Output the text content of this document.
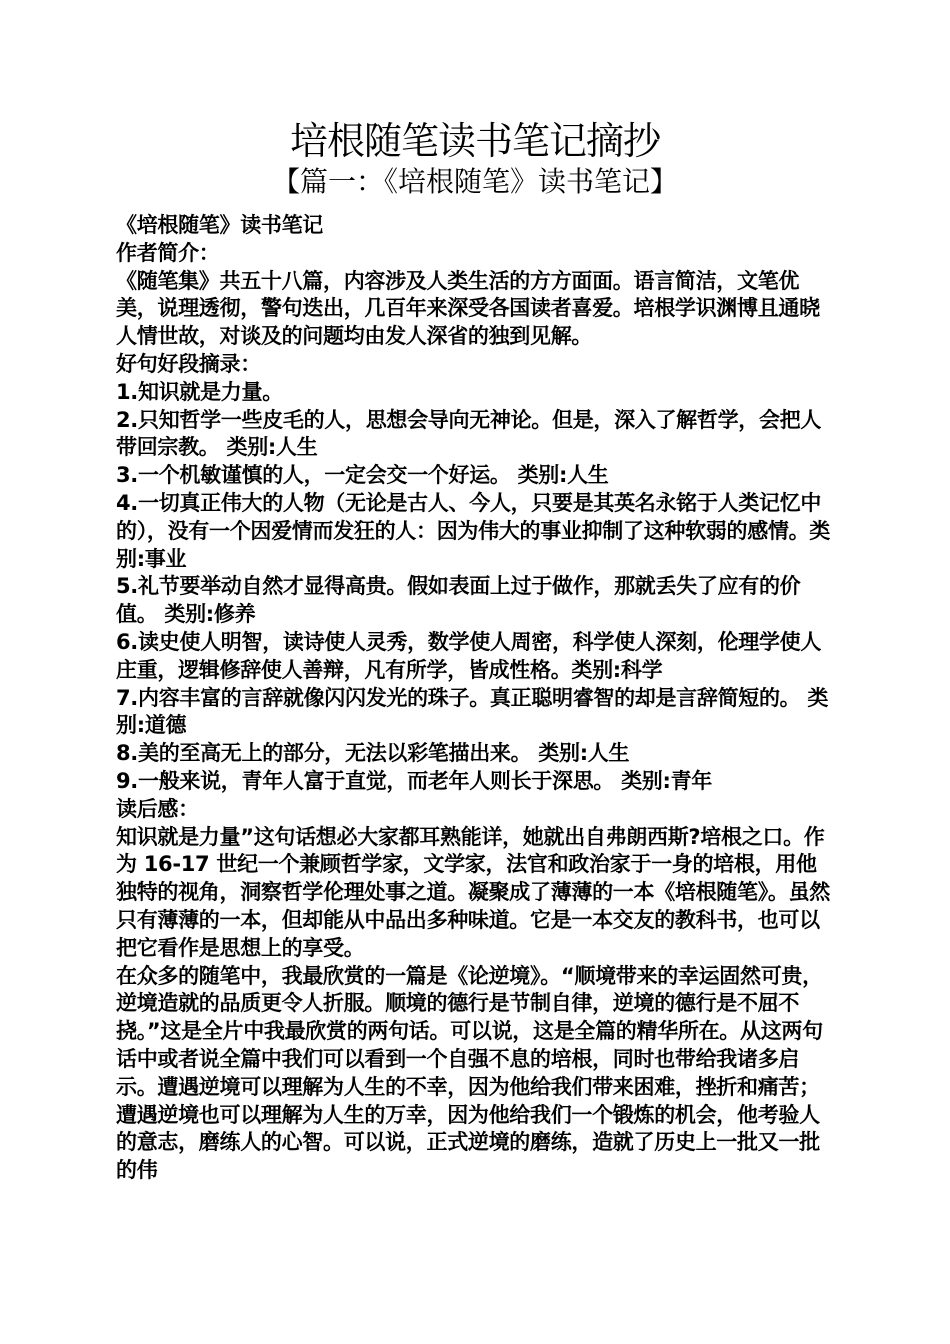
培根随笔读书笔记摘抄
【篇一：《培根随笔》读书笔记】

《培根随笔》读书笔记

作者简介：

《随笔集》共五十八篇，内容涉及人类生活的方方面面。语言简洁，文笔优美，说理透彻，警句迭出，几百年来深受各国读者喜爱。培根学识渊博且通晓人情世故，对谈及的问题均由发人深省的独到见解。

好句好段摘录：

1.知识就是力量。

2.只知哲学一些皮毛的人，思想会导向无神论。但是，深入了解哲学，会把人带回宗教。 类别:人生

3.一个机敏谨慎的人，一定会交一个好运。 类别:人生

4.一切真正伟大的人物（无论是古人、今人，只要是其英名永铭于人类记忆中的），没有一个因爱情而发狂的人：因为伟大的事业抑制了这种软弱的感情。类别:事业

5.礼节要举动自然才显得高贵。假如表面上过于做作，那就丢失了应有的价值。 类别:修养

6.读史使人明智，读诗使人灵秀，数学使人周密，科学使人深刻，伦理学使人庄重，逻辑修辞使人善辩，凡有所学，皆成性格。类别:科学

7.内容丰富的言辞就像闪闪发光的珠子。真正聪明睿智的却是言辞简短的。 类别:道德

8.美的至高无上的部分，无法以彩笔描出来。 类别:人生

9.一般来说，青年人富于直觉，而老年人则长于深思。 类别:青年

读后感：

知识就是力量”这句话想必大家都耳熟能详，她就出自弗朗西斯?培根之口。作为 16-17 世纪一个兼顾哲学家，文学家，法官和政治家于一身的培根，用他独特的视角，洞察哲学伦理处事之道。凝聚成了薄薄的一本《培根随笔》。虽然只有薄薄的一本，但却能从中品出多种味道。它是一本交友的教科书，也可以把它看作是思想上的享受。

在众多的随笔中，我最欣赏的一篇是《论逆境》。“顺境带来的幸运固然可贵，逆境造就的品质更令人折服。顺境的德行是节制自律，逆境的德行是不屈不挠。”这是全片中我最欣赏的两句话。可以说，这是全篇的精华所在。从这两句话中或者说全篇中我们可以看到一个自强不息的培根，同时也带给我诸多启示。遭遇逆境可以理解为人生的不幸，因为他给我们带来困难，挫折和痛苦；遭遇逆境也可以理解为人生的万幸，因为他给我们一个锻炼的机会，他考验人的意志，磨练人的心智。可以说，正式逆境的磨练，造就了历史上一批又一批的伟
